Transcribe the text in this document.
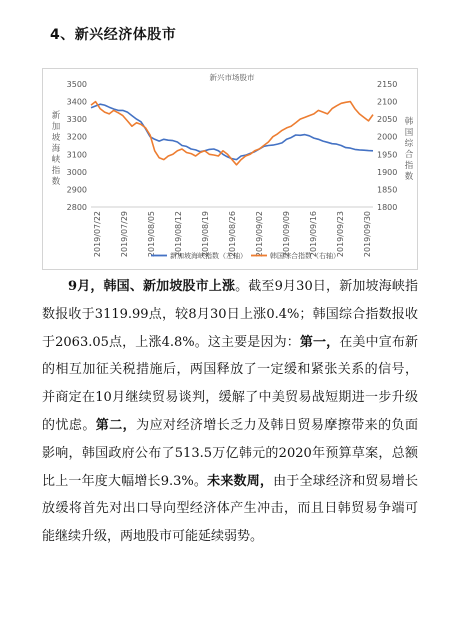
4、新兴经济体股市
新兴市场股市
3500
3400
3300
3200
3100
3000
2900
2800
2150
2100
2050
2000
1950
1900
1850
1800
新
加
坡
海
峡
指
数
韩
国
综
合
指
数
2019/07/22 2019/07/29 2019/08/05 2019/08/12 2019/08/19 2019/08/26 2019/09/02 2019/09/09 2019/09/16 2019/09/23 2019/09/30
新加坡海峡指数（左轴）	韩国综合指数（右轴）
9月，韩国、新加坡股市上涨。截至9月30日，新加坡海峡指数报收于3119.99点，较8月30日上涨0.4%；韩国综合指数报收于2063.05点，上涨4.8%。这主要是因为：第一，在美中宣布新的相互加征关税措施后，两国释放了一定缓和紧张关系的信号，并商定在10月继续贸易谈判，缓解了中美贸易战短期进一步升级的忧虑。第二，为应对经济增长乏力及韩日贸易摩擦带来的负面影响，韩国政府公布了513.5万亿韩元的2020年预算草案，总额比上一年度大幅增长9.3%。未来数周，由于全球经济和贸易增长放缓将首先对出口导向型经济体产生冲击，而且日韩贸易争端可能继续升级，两地股市可能延续弱势。
